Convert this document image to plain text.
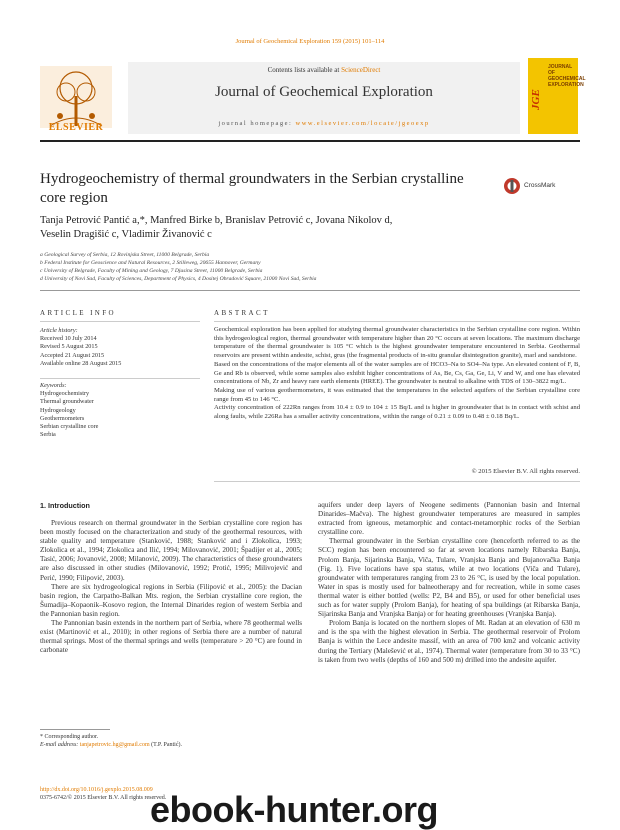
Journal of Geochemical Exploration 159 (2015) 101–114
ELSEVIER
Contents lists available at ScienceDirect
Journal of Geochemical Exploration
journal homepage: www.elsevier.com/locate/jgeoexp
JGE
JOURNAL OF GEOCHEMICAL EXPLORATION
Hydrogeochemistry of thermal groundwaters in the Serbian crystalline core region
CrossMark
Tanja Petrović Pantić a,*, Manfred Birke b, Branislav Petrović c, Jovana Nikolov d,
Veselin Dragišić c, Vladimir Živanović c
a Geological Survey of Serbia, 12 Rovinjska Street, 11000 Belgrade, Serbia
b Federal Institute for Geoscience and Natural Resources, 2 Stilleweg, 20655 Hannover, Germany
c University of Belgrade, Faculty of Mining and Geology, 7 Djusina Street, 11000 Belgrade, Serbia
d University of Novi Sad, Faculty of Sciences, Department of Physics, 4 Dositej Obradović Square, 21000 Novi Sad, Serbia
ARTICLE INFO
Article history:
Received 10 July 2014
Revised 5 August 2015
Accepted 21 August 2015
Available online 28 August 2015
Keywords:
Hydrogeochemistry
Thermal groundwater
Hydrogeology
Geothermometers
Serbian crystalline core
Serbia
ABSTRACT

Geochemical exploration has been applied for studying thermal groundwater characteristics in the Serbian crystalline core region. Within this hydrogeological region, thermal groundwater with temperature higher than 20 °C occurs at seven locations. The maximum discharge temperature of the thermal groundwater is 105 °C which is the highest groundwater temperature encountered in Serbia. Geothermal reservoirs are present within andesite, schist, grus (the fragmental products of in-situ granular disintegration granite), marl and sandstone.

Based on the concentrations of the major elements all of the water samples are of HCO3–Na to SO4–Na type. An elevated content of F, B, Ge and Rb is observed, while some samples also exhibit higher concentrations of As, Be, Cs, Ga, Ge, Li, V and W, and one has elevated concentrations of Nb, Zr and heavy rare earth elements (HREE). The groundwater is neutral to alkaline with TDS of 130–3822 mg/L.

Making use of various geothermometers, it was estimated that the temperatures in the selected aquifers of the Serbian crystalline core range from 45 to 146 °C.

Activity concentration of 222Rn ranges from 10.4 ± 0.9 to 104 ± 15 Bq/L and is higher in groundwater that is in contact with schist and along faults, while 226Ra has a smaller activity concentrations, within the range of 0.21 ± 0.09 to 0.48 ± 0.18 Bq/L.

© 2015 Elsevier B.V. All rights reserved.
1. Introduction

Previous research on thermal groundwater in the Serbian crystalline core region has been mostly focused on the characterization and study of the geothermal resources, with stable quality and temperature (Stanković, 1988; Stanković and i Zlokolica, 1993; Zlokolica et al., 1994; Zlokolica and Ilić, 1994; Milovanović, 2001; Špadijer et al., 2005; Tasić, 2006; Jovanović, 2008; Milanović, 2009). The characteristics of these groundwaters are also discussed in other studies (Milovanović, 1992; Protić, 1995; Milivojević and Perić, 1990; Filipović, 2003).

There are six hydrogeological regions in Serbia (Filipović et al., 2005): the Dacian basin region, the Carpatho-Balkan Mts. region, the Serbian crystalline core region, the Šumadija–Kopaonik–Kosovo region, the Internal Dinarides region of western Serbia and the Pannonian basin region.

The Pannonian basin extends in the northern part of Serbia, where 78 geothermal wells exist (Martinović et al., 2010); in other regions of Serbia there are a number of natural thermal springs. Most of the thermal springs and wells (temperature > 20 °C) are found in carbonate

aquifers under deep layers of Neogene sediments (Pannonian basin and Internal Dinarides–Mačva). The highest groundwater temperatures are measured in samples extracted from igneous, metamorphic and contact-metamorphic rocks of the Serbian crystalline core.

Thermal groundwater in the Serbian crystalline core (henceforth referred to as the SCC) region has been encountered so far at seven locations namely Ribarska Banja, Prolom Banja, Sijarinska Banja, Viča, Tulare, Vranjska Banja and Bujanovačka Banja (Fig. 1). Five locations have spa status, while at two locations (Viča and Tulare), groundwater with temperatures ranging from 23 to 26 °C, is used by the local population. Water in spas is mostly used for balneotherapy and for recreation, while in some cases thermal water is either bottled (wells: P2, B4 and B5), or used for other beneficial uses such as for water supply (Prolom Banja), for heating of spa buildings (at Ribarska Banja, Sijarinska Banja and Vranjska Banja) or for heating greenhouses (Vranjska Banja).

Prolom Banja is located on the northern slopes of Mt. Radan at an elevation of 630 m and is the spa with the highest elevation in Serbia. The geothermal reservoir of Prolom Banja is within the Lece andesite massif, with an area of 700 km2 and volcanic activity during the Tertiary (Malešević et al., 1974). Thermal water (temperature from 30 to 33 °C) is taken from two wells (depths of 160 and 500 m) drilled into the andesite aquifer.

* Corresponding author.
E-mail address: tanjapetrovic.hg@gmail.com (T.P. Pantić).
http://dx.doi.org/10.1016/j.gexplo.2015.08.009
0375-6742/© 2015 Elsevier B.V. All rights reserved.
ebook-hunter.org
